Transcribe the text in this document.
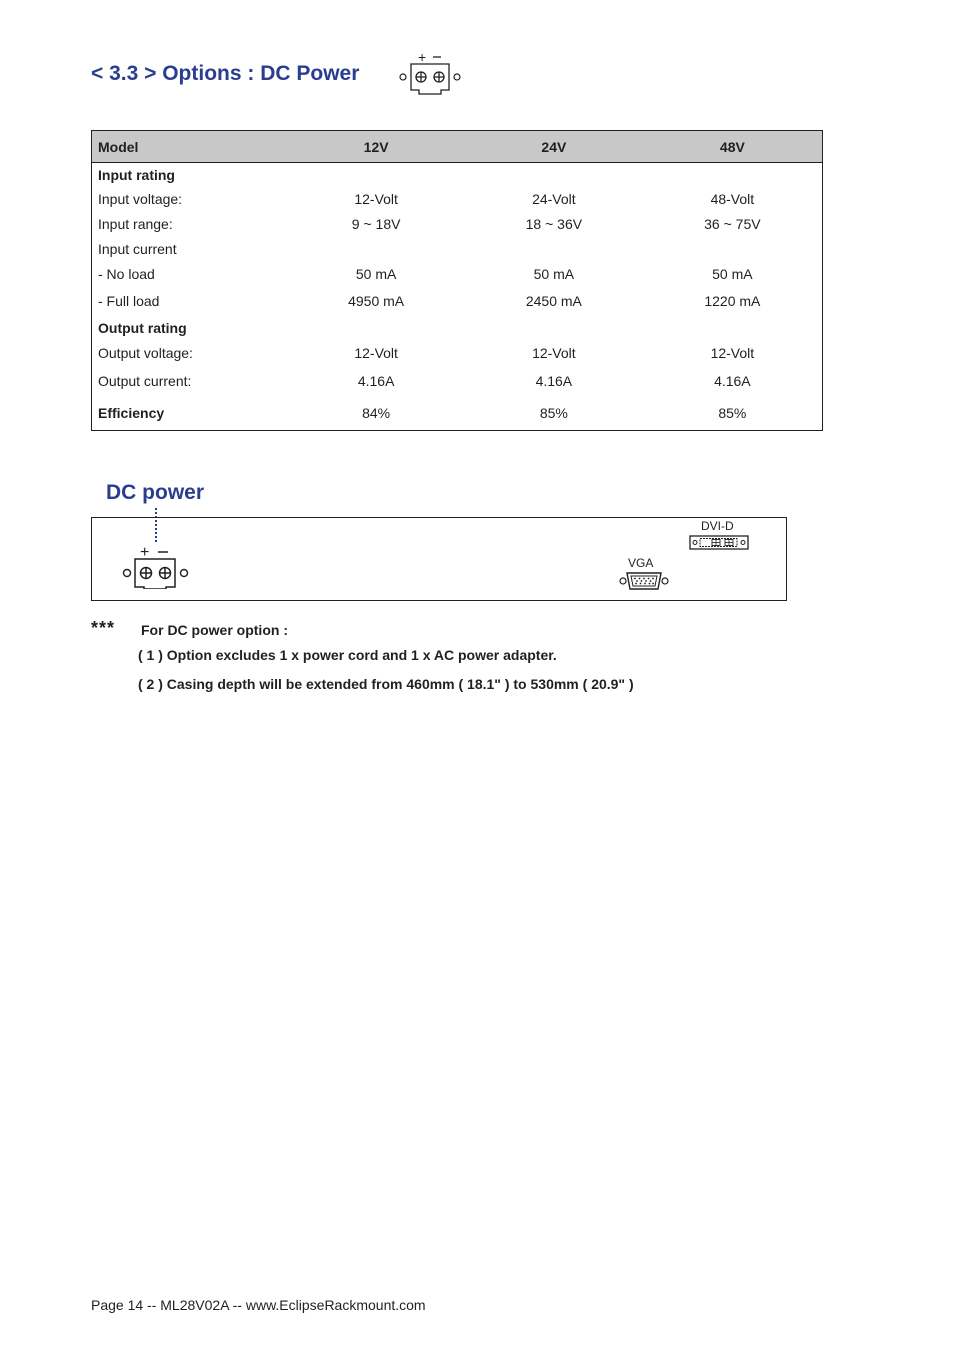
< 3.3 > Options : DC Power
+
Model	12V	24V	48V
Input rating			
Input voltage:	12-Volt	24-Volt	48-Volt
Input range:	9 ~ 18V	18 ~ 36V	36 ~ 75V
Input current			
- No load	50 mA	50 mA	50 mA
- Full load	4950 mA	2450 mA	1220 mA
Output rating			
Output voltage:	12-Volt	12-Volt	12-Volt
Output current:	4.16A	4.16A	4.16A
Efficiency	84%	85%	85%
DC power
+
VGA
DVI-D
*** For DC power option :
( 1 ) Option excludes 1 x power cord and 1 x AC power adapter.
( 2 ) Casing depth will be extended from 460mm ( 18.1" ) to 530mm ( 20.9" )
Page 14 -- ML28V02A -- www.EclipseRackmount.com
